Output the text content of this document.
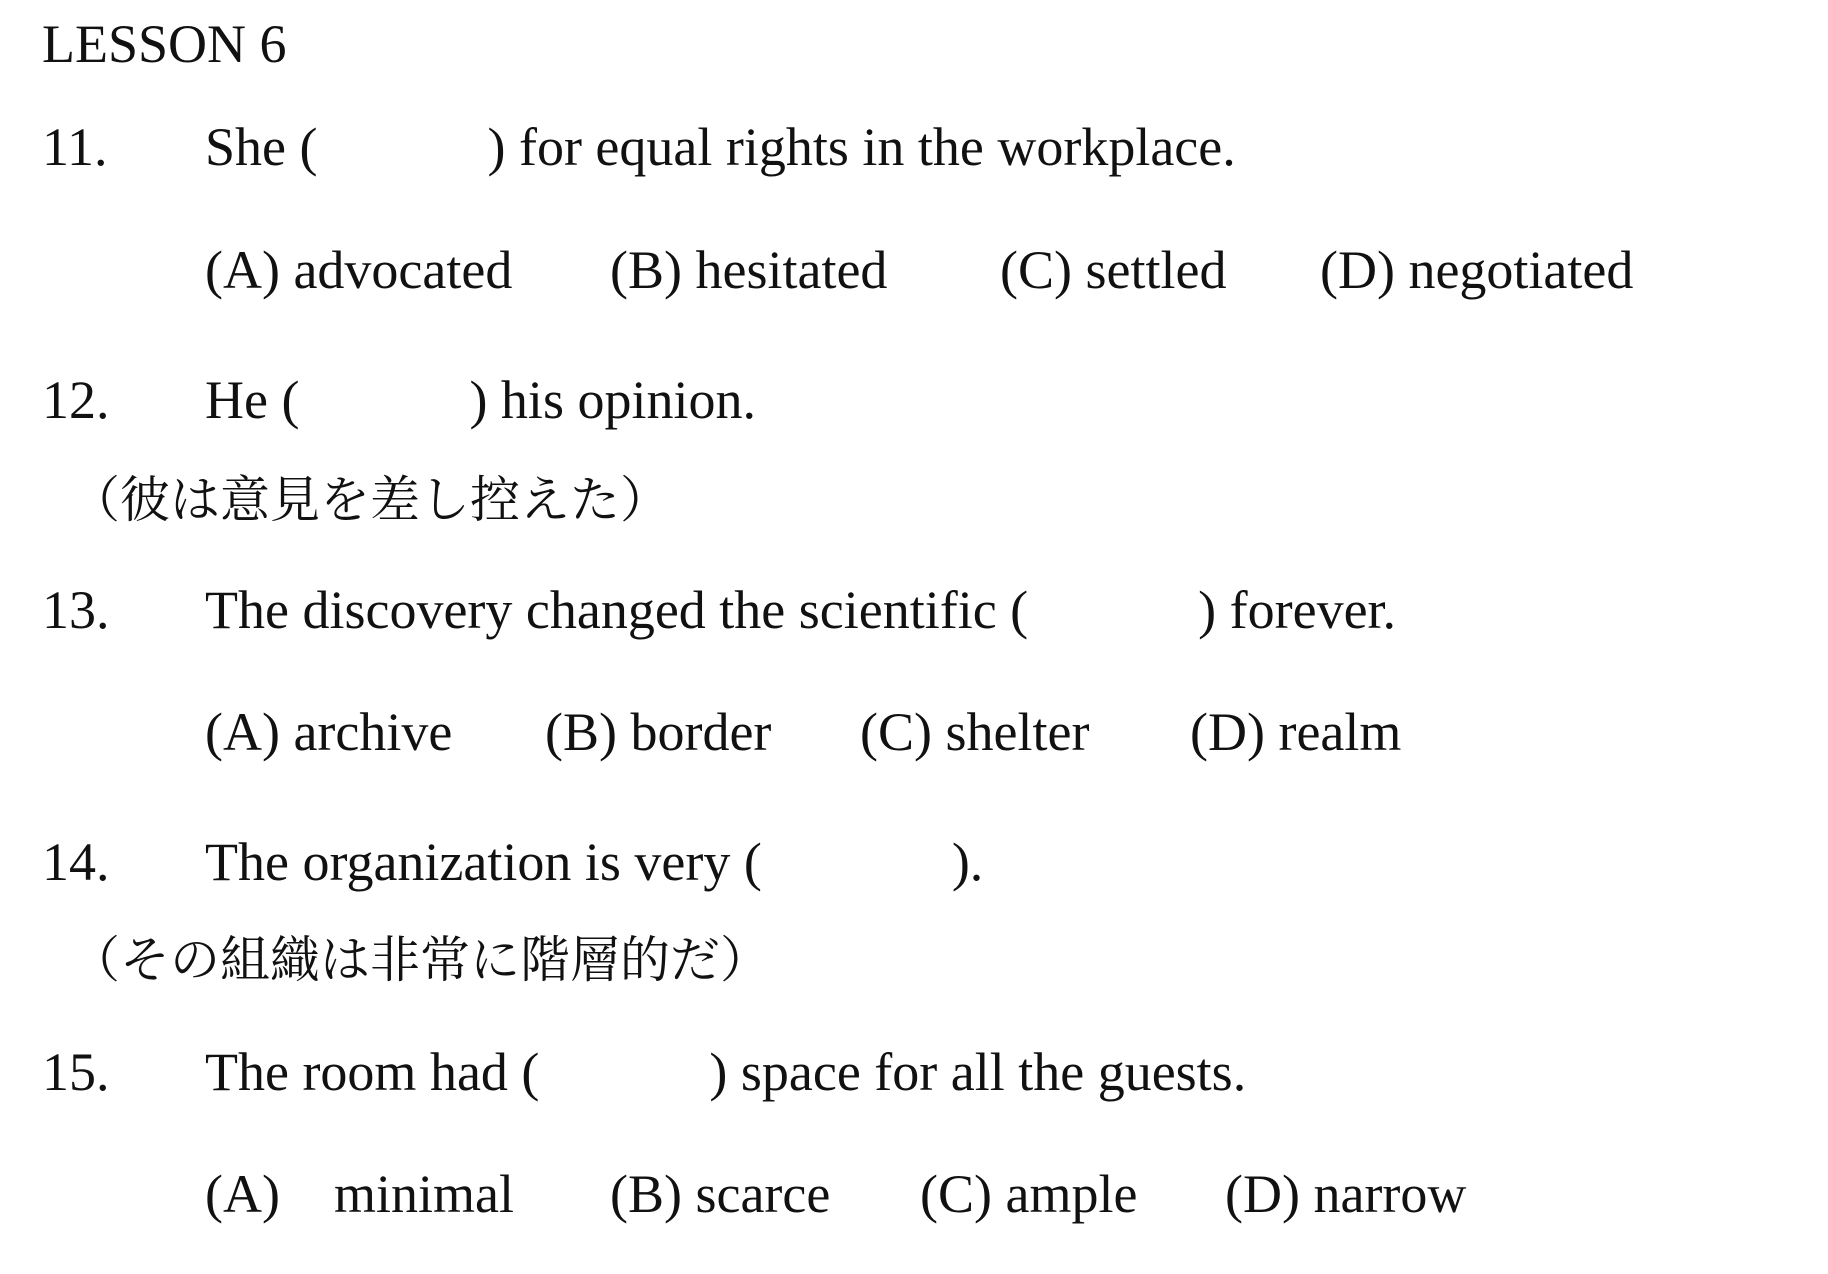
LESSON 6
11. She (	) for equal rights in the workplace.
(A) advocated (B) hesitated (C) settled (D) negotiated
12. He (	) his opinion.
（彼は意見を差し控えた）
13. The discovery changed the scientific (	) forever.
(A) archive (B) border (C) shelter (D) realm
14. The organization is very (	).
（その組織は非常に階層的だ）
15. The room had (	) space for all the guests.
(A)　minimal (B) scarce (C) ample (D) narrow
